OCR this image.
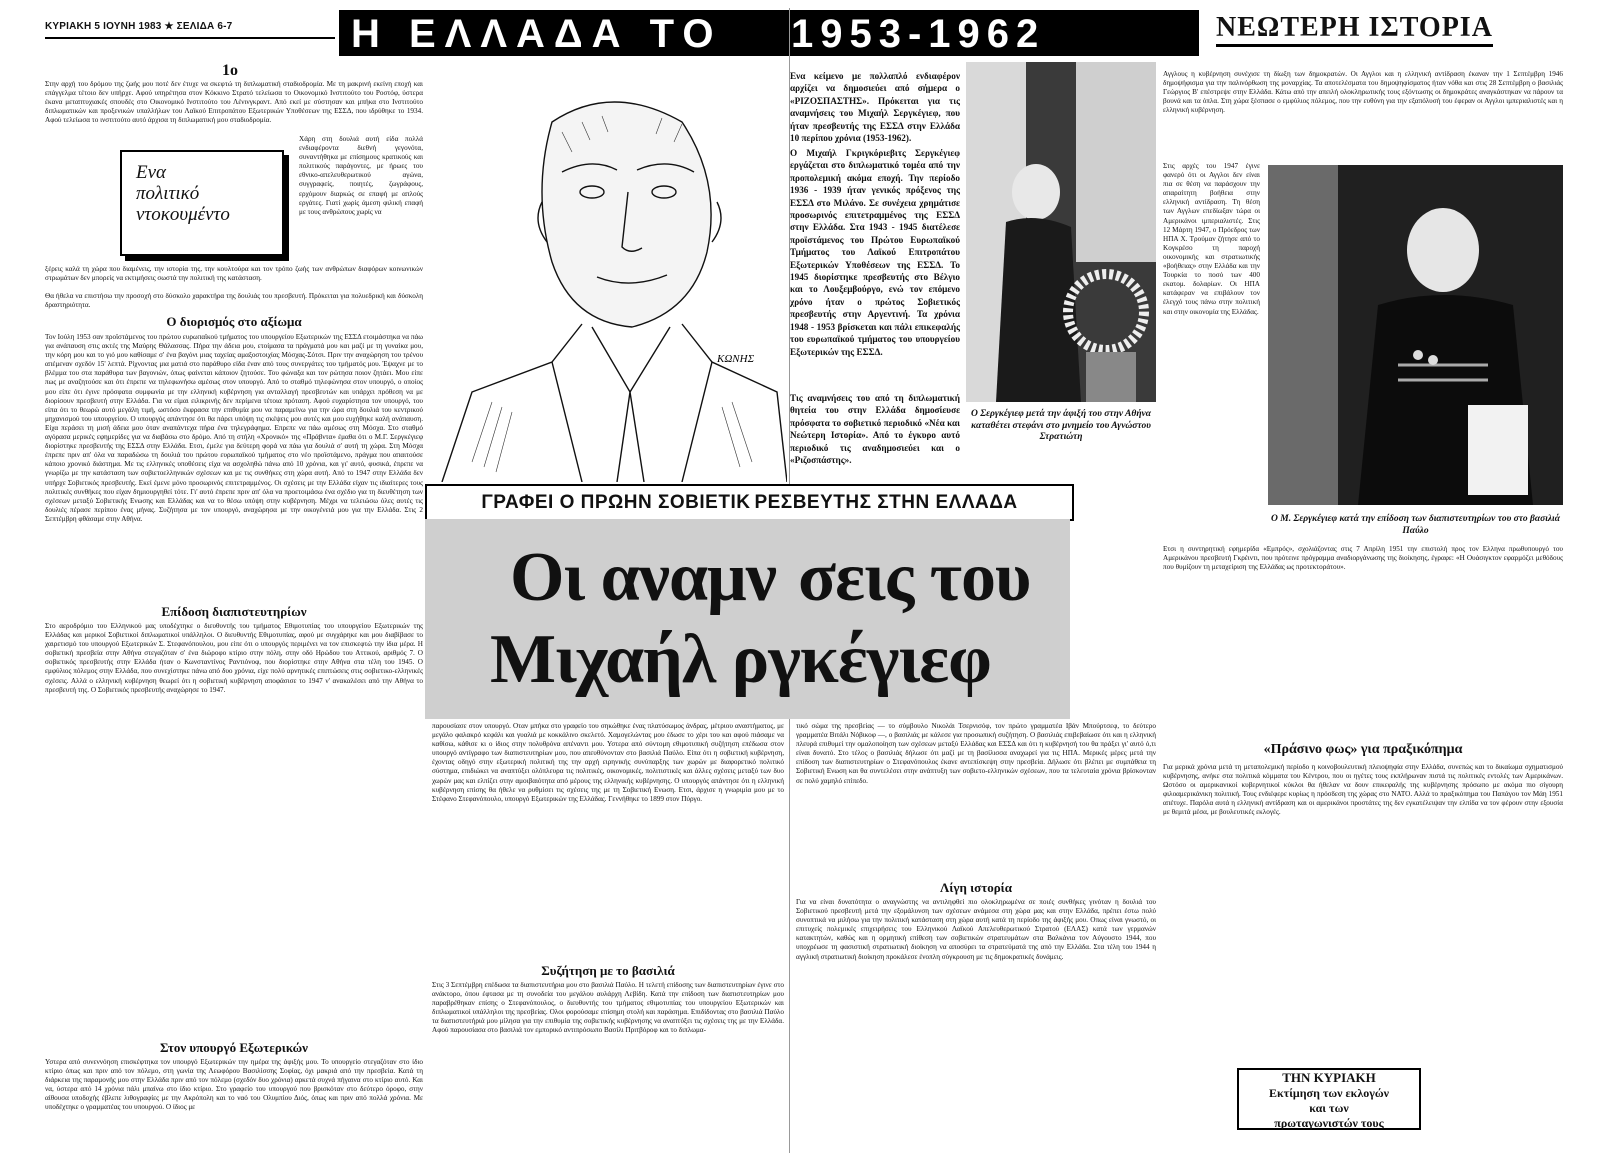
ΚΥΡΙΑΚΗ 5 ΙΟΥΝΗ 1983 ★ ΣΕΛΙΔΑ 6-7	Η ΕΛΛΑΔΑ ΤΟ 1953-1962	ΝΕΩΤΕΡΗ ΙΣΤΟΡΙΑ
1ο
Στην αρχή του δρόμου της ζωής μου ποτέ δεν έτυχε να σκεφτώ τη διπλωματική σταδιοδρομία. Με τη μακρινή εκείνη εποχή και επάγγελμα τέτοιο δεν υπήρχε. Αφού υπηρέτησα στον Κόκκινο Στρατό τελείωσα το Οικονομικό Ινστιτούτο του Ροστόφ, ύστερα έκανα μεταπτυχιακές σπουδές στο Οικονομικό Ινστιτούτο του Λένινγκραντ. Από εκεί με σύστησαν και μπήκα στο Ινστιτούτο διπλωματικών και προξενικών υπαλλήλων του Λαϊκού Επιτροπάτου Εξωτερικών Υποθέσεων της ΕΣΣΔ, που ιδρύθηκε το 1934. Αφού τελείωσα το ινστιτούτο αυτό άρχισα τη διπλωματική μου σταδιοδρομία.
Ενα
πολιτικό
ντοκουμέντο
Χάρη στη δουλιά αυτή είδα πολλά ενδιαφέροντα διεθνή γεγονότα, συναντήθηκα με επίσημους κρατικούς και πολιτικούς παράγοντες, με ήρωες του εθνικο-απελευθερωτικού αγώνα, συγγραφείς, ποιητές, ζωγράφους, ερχόμουν διαρκώς σε επαφή με απλούς εργάτες. Γιατί χωρίς άμεση φιλική επαφή με τους ανθρώπους χωρίς να
ξέρεις καλά τη χώρα που διαμένεις, την ιστορία της, την κουλτούρα και τον τρόπο ζωής των ανθρώπων διαφόρων κοινωνικών στρωμάτων δεν μπορείς να εκτιμήσεις σωστά την πολιτική της κατάσταση.
Θα ήθελα να επιστήσω την προσοχή στο δύσκολο χαρακτήρα της δουλιάς του πρεσβευτή. Πρόκειται για πολυεδρική και δύσκολη δραστηριότητα.
Ο διορισμός στο αξίωμα
Τον Ιούλη 1953 σαν προϊστάμενος του πρώτου ευρωπαϊκού τμήματος του υπουργείου Εξωτερικών της ΕΣΣΔ ετοιμάστηκα να πάω για ανάπαυση στις ακτές της Μαύρης Θάλασσας. Πήρα την άδεια μου, ετοίμασα τα πράγματά μου και μαζί με τη γυναίκα μου, την κόρη μου και το γιό μου καθίσαμε σ' ένα βαγόνι μιας ταχείας αμαξοστοιχίας Μόσχας-Σότσι. Πριν την αναχώρηση του τρένου απέμεναν σχεδόν 15' λεπτά. Ρίχνοντας μια ματιά στο παράθυρο είδα έναν από τους συνεργάτες του τμήματός μου. Έψαχνε με το βλέμμα του στα παράθυρα των βαγονιών, όπως φαίνεται κάποιον ζητούσε. Του φώναξα και τον ρώτησα ποιον ζητάει. Μου είπε πως με αναζητούσε και ότι έπρεπε να τηλεφωνήσω αμέσως στον υπουργό. Από το σταθμό τηλεφώνησα στον υπουργό, ο οποίος μου είπε ότι έγινε πρόσφατα συμφωνία με την ελληνική κυβέρνηση για ανταλλαγή πρεσβευτών και υπάρχει πρόθεση να με διορίσουν πρεσβευτή στην Ελλάδα. Για να είμαι ειλικρινής δεν περίμενα τέτοια πρόταση. Αφού ευχαρίστησα τον υπουργό, του είπα ότι το θεωρώ αυτό μεγάλη τιμή, ωστόσο έκφρασα την επιθυμία μου να παραμείνω για την ώρα στη δουλιά του κεντρικού μηχανισμού του υπουργείου. Ο υπουργός απάντησε ότι θα πάρει υπόψη τις σκέψεις μου αυτές και μου ευχήθηκε καλή ανάπαυση. Είχα περάσει τη μισή άδεια μου όταν αναπάντεχα πήρα ένα τηλεγράφημα. Επρεπε να πάω αμέσως στη Μόσχα. Στο σταθμό αγόρασα μερικές εφημερίδες για να διαβάσω στο δρόμο. Από τη στήλη «Χρονικό» της «Πράβντα» έμαθα ότι ο Μ.Γ. Σεργκέγιεφ διορίστηκε πρεσβευτής της ΕΣΣΔ στην Ελλάδα. Ετσι, έμελε για δεύτερη φορά να πάω για δουλιά σ' αυτή τη χώρα. Στη Μόσχα έπρεπε πριν απ' όλα να παραδώσω τη δουλιά του πρώτου ευρωπαϊκού τμήματος στο νέο προϊστάμενο, πράγμα που απαιτούσε κάποιο χρονικό διάστημα. Με τις ελληνικές υποθέσεις είχα να ασχοληθώ πάνω από 10 χρόνια, και γι' αυτό, φυσικά, έπρεπε να γνωρίζω με την κατάσταση των σοβιετοελληνικών σχέσεων και με τις συνθήκες στη χώρα αυτή. Από το 1947 στην Ελλάδα δεν υπήρχε Σοβιετικός πρεσβευτής. Εκεί έμενε μόνο προσωρινός επιτετραμμένος. Οι σχέσεις με την Ελλάδα είχαν τις ιδιαίτερες τους πολιτικές συνθήκες που είχαν δημιουργηθεί τότε. Γι' αυτό έπρεπε πριν απ' όλα να προετοιμάσω ένα σχέδιο για τη διευθέτηση των σχέσεων μεταξύ Σοβιετικής Ενωσης και Ελλάδας και να το θέσω υπόψη στην κυβέρνηση. Μέχρι να τελειώσω όλες αυτές τις δουλιές πέρασε περίπου ένας μήνας. Συζήτησα με τον υπουργό, αναχώρησα με την οικογένειά μου για την Ελλάδα. Στις 2 Σεπτέμβρη φθάσαμε στην Αθήνα.
Επίδοση διαπιστευτηρίων
Στο αεροδρόμιο του Ελληνικού μας υποδέχτηκε ο διευθυντής του τμήματος Εθιμοτυπίας του υπουργείου Εξωτερικών της Ελλάδας και μερικοί Σοβιετικοί διπλωματικοί υπάλληλοι. Ο διευθυντής Εθιμοτυπίας, αφού με συγχάρηκε και μου διαβίβασε το χαιρετισμό του υπουργού Εξωτερικών Σ. Στεφανόπουλου, μου είπε ότι ο υπουργός περιμένει να τον επισκεφτώ την ίδια μέρα. Η σοβιετική πρεσβεία στην Αθήνα στεγαζόταν σ' ένα διώροφο κτίριο στην πόλη, στην οδό Ηρώδου του Αττικού, αριθμός 7. Ο σοβιετικός πρεσβευτής στην Ελλάδα ήταν ο Κωνσταντίνος Ραντιόνοφ, που διορίστηκε στην Αθήνα στα τέλη του 1945. Ο εμφύλιος πόλεμος στην Ελλάδα, που συνεχίστηκε πάνω από δυο χρόνια, είχε πολύ αρνητικές επιπτώσεις στις σοβιετικο-ελληνικές σχέσεις. Αλλά ο ελληνική κυβέρνηση θεωρεί ότι η σοβιετική κυβέρνηση αποφάσισε το 1947 ν' ανακαλέσει από την Αθήνα το πρεσβευτή της. Ο Σοβιετικός πρεσβευτής αναχώρησε το 1947.
Στον υπουργό Εξωτερικών
Υστερα από συνεννόηση επισκέφτηκα τον υπουργό Εξωτερικών την ημέρα της άφιξής μου. Το υπουργείο στεγαζόταν στο ίδιο κτίριο όπως και πριν από τον πόλεμο, στη γωνία της Λεωφόρου Βασιλίσσης Σοφίας, όχι μακριά από την πρεσβεία. Κατά τη διάρκεια της παραμονής μου στην Ελλάδα πριν από τον πόλεμο (σχεδόν δυο χρόνια) αρκετά συχνά πήγαινα στο κτίριο αυτό. Και να, ύστερα από 14 χρόνια πάλι μπαίνω στο ίδιο κτίριο. Στο γραφείο του υπουργού που βρισκόταν στο δεύτερο όροφο, στην αίθουσα υποδοχής έβλεπε λιθογραφίες με την Ακρόπολη και το ναό του Ολυμπίου Διός, όπως και πριν από πολλά χρόνια. Με υποδέχτηκε ο γραμματέας του υπουργού. Ο ίδιος με
ΚΩΝΗΣ
ΓΡΑΦΕΙ Ο ΠΡΩΗΝ ΣΟΒΙΕΤΙΚ ΡΕΣΒΕΥΤΗΣ ΣΤΗΝ ΕΛΛΑΔΑ
Οι αναμν σεις του
Μιχαήλ ργκέγιεφ
παρουσίασε στον υπουργό. Οταν μπήκα στο γραφείο του σηκώθηκε ένας πλατύσωμος άνδρας, μέτριου αναστήματος, με μεγάλο φαλακρό κεφάλι και γυαλιά με κοκκάλινο σκελετό. Χαμογελώντας μου έδωσε το χέρι του και αφού πιάσαμε να καθίσω, κάθισε κι ο ίδιος στην πολυθρόνα απέναντι μου. Υστερα από σύντομη εθιμοτυπική συζήτηση επέδωσα στον υπουργό αντίγραφο των διαπιστευτηρίων μου, που απευθύνονταν στο βασιλιά Παύλο. Είπα ότι η σοβιετική κυβέρνηση, έχοντας οδηγό στην εξωτερική πολιτική της την αρχή ειρηνικής συνύπαρξης των χωρών με διαφορετικό πολιτικό σύστημα, επιδιώκει να αναπτύξει ολόπλευρα τις πολιτικές, οικονομικές, πολιτιστικές και άλλες σχέσεις μεταξύ των δυο χωρών μας και ελπίζει στην αμοιβαιότητα από μέρους της ελληνικής κυβέρνησης. Ο υπουργός απάντησε ότι η ελληνική κυβέρνηση επίσης θα ήθελε να ρυθμίσει τις σχέσεις της με τη Σοβιετική Ενωση. Ετσι, άρχισε η γνωριμία μου με το Στέφανο Στεφανόπουλο, υπουργό Εξωτερικών της Ελλάδας. Γεννήθηκε το 1899 στον Πύργο.
Συζήτηση με το βασιλιά
Στις 3 Σεπτέμβρη επέδωσα τα διαπιστευτήρια μου στο βασιλιά Παύλο. Η τελετή επίδοσης των διαπιστευτηρίων έγινε στο ανάκτορο, όπου έφτασα με τη συνοδεία του μεγάλου αυλάρχη Λεβίδη. Κατά την επίδοση των διαπιστευτηρίων μου παραβρέθηκαν επίσης ο Στεφανόπουλος, ο διευθυντής του τμήματος εθιμοτυπίας του υπουργείου Εξωτερικών και διπλωματικοί υπάλληλοι της πρεσβείας. Ολοι φορούσαμε επίσημη στολή και παράσημα. Επιδίδοντας στο βασιλιά Παύλο τα διαπιστευτήριά μου μίλησα για την επιθυμία της σοβιετικής κυβέρνησης να αναπτύξει τις σχέσεις της με την Ελλάδα. Αφού παρουσίασα στο βασιλιά τον εμπορικό αντιπρόσωπο Βασίλι Πριτβόροφ και το διπλωμα-
Ενα κείμενο με πολλαπλό ενδιαφέρον αρχίζει να δημοσιεύει από σήμερα ο «ΡΙΖΟΣΠΑΣΤΗΣ». Πρόκειται για τις αναμνήσεις του Μιχαήλ Σεργκέγιεφ, που ήταν πρεσβευτής της ΕΣΣΔ στην Ελλάδα 10 περίπου χρόνια (1953-1962).
Ο Μιχαήλ Γκριγκόριεβιτς Σεργκέγιεφ εργάζεται στο διπλωματικό τομέα από την προπολεμική ακόμα εποχή. Την περίοδο 1936 - 1939 ήταν γενικός πρόξενος της ΕΣΣΔ στο Μιλάνο. Σε συνέχεια χρημάτισε προσωρινός επιτετραμμένος της ΕΣΣΔ στην Ελλάδα. Στα 1943 - 1945 διατέλεσε προϊστάμενος του Πρώτου Ευρωπαϊκού Τμήματος του Λαϊκού Επιτροπάτου Εξωτερικών Υποθέσεων της ΕΣΣΔ. Το 1945 διορίστηκε πρεσβευτής στο Βέλγιο και το Λουξεμβούργο, ενώ τον επόμενο χρόνο ήταν ο πρώτος Σοβιετικός πρεσβευτής στην Αργεντινή. Τα χρόνια 1948 - 1953 βρίσκεται και πάλι επικεφαλής του ευρωπαϊκού τμήματος του υπουργείου Εξωτερικών της ΕΣΣΔ.
Τις αναμνήσεις του από τη διπλωματική θητεία του στην Ελλάδα δημοσίευσε πρόσφατα το σοβιετικό περιοδικό «Νέα και Νεώτερη Ιστορία». Από το έγκυρο αυτό περιοδικό τις αναδημοσιεύει και ο «Ριζοσπάστης».
Ο Σεργκέγιεφ μετά την άφιξή του στην Αθήνα καταθέτει στεφάνι στο μνημείο του Αγνώστου Στρατιώτη
Αγγλους η κυβέρνηση συνέχισε τη δίωξη των δημοκρατών. Οι Αγγλοι και η ελληνική αντίδραση έκαναν την 1 Σεπτέμβρη 1946 δημοψήφισμα για την παλινόρθωση της μοναρχίας. Τα αποτελέσματα του δημοψηφίσματος ήταν νόθα και στις 28 Σεπτέμβρη ο βασιλιάς Γεώργιος Β' επέστρεψε στην Ελλάδα. Κάτω από την απειλή ολοκληρωτικής τους εξόντωσης οι δημοκράτες αναγκάστηκαν να πάρουν τα βουνά και τα όπλα. Στη χώρα ξέσπασε ο εμφύλιος πόλεμος, που την ευθύνη για την εξαπόλυσή του έφεραν οι Αγγλοι ιμπεριαλιστές και η ελληνική κυβέρνηση.
Στις αρχές του 1947 έγινε φανερό ότι οι Αγγλοι δεν είναι πια σε θέση να παράσχουν την απαραίτητη βοήθεια στην ελληνική αντίδραση. Τη θέση των Αγγλων επεδίωξαν τώρα οι Αμερικάνοι ιμπεριαλιστές. Στις 12 Μάρτη 1947, ο Πρόεδρος των ΗΠΑ Χ. Τρούμαν ζήτησε από το Κογκρέσο τη παροχή οικονομικής και στρατιωτικής «βοήθειας» στην Ελλάδα και την Τουρκία το ποσό των 400 εκατομ. δολαρίων. Οι ΗΠΑ κατάφεραν να επιβάλουν τον έλεγχό τους πάνω στην πολιτική και στην οικονομία της Ελλάδας.
Ο Μ. Σεργκέγιεφ κατά την επίδοση των διαπιστευτηρίων του στο βασιλιά Παύλο
Ετσι η συντηρητική εφημερίδα «Εμπρός», σχολιάζοντας στις 7 Απρίλη 1951 την επιστολή προς τον Ελληνα πρωθυπουργό του Αμερικάνου πρεσβευτή Γκρέιντι, που πρότεινε πρόγραμμα αναδιοργάνωσης της διοίκησης, έγραφε: «Η Ουάσιγκτον εφαρμόζει μεθόδους που θυμίζουν τη μεταχείριση της Ελλάδας ως προτεκτοράτου».
τικό σώμα της πρεσβείας — το σύμβουλο Νικολάι Τσερνισόφ, τον πρώτο γραμματέα Ιβάν Μπούρτσεφ, το δεύτερο γραμματέα Βιτάλι Νόβικοφ —, ο βασιλιάς με κάλεσε για προσωπική συζήτηση. Ο βασιλιάς επιβεβαίωσε ότι και η ελληνική πλευρά επιθυμεί την ομαλοποίηση των σχέσεων μεταξύ Ελλάδας και ΕΣΣΔ και ότι η κυβέρνησή του θα πράξει γι' αυτό ό,τι είναι δυνατό. Στο τέλος ο βασιλιάς δήλωσε ότι μαζί με τη βασίλισσα αναχωρεί για τις ΗΠΑ. Μερικές μέρες μετά την επίδοση των διαπιστευτηρίων ο Στεφανόπουλος έκανε αντεπίσκεψη στην πρεσβεία. Δήλωσε ότι βλέπει με συμπάθεια τη Σοβιετική Ενωση και θα συντελέσει στην ανάπτυξη των σοβιετο-ελληνικών σχέσεων, που τα τελευταία χρόνια βρίσκονταν σε πολύ χαμηλό επίπεδο.
Λίγη ιστορία
Για να είναι δυνατότητα ο αναγνώστης να αντιληφθεί πιο ολοκληρωμένα σε ποιές συνθήκες γινόταν η δουλιά του Σοβιετικού πρεσβευτή μετά την εξομάλυνση των σχέσεων ανάμεσα στη χώρα μας και στην Ελλάδα, πρέπει έστω πολύ συνοπτικά να μιλήσω για την πολιτική κατάσταση στη χώρα αυτή κατά τη περίοδο της άφιξής μου. Οπως είναι γνωστό, οι επιτυχείς πολεμικές επιχειρήσεις του Ελληνικού Λαϊκού Απελευθερωτικού Στρατού (ΕΛΑΣ) κατά των γερμανών κατακτητών, καθώς και η ορμητική επίθεση των σοβιετικών στρατευμάτων στα Βαλκάνια τον Αύγουστο 1944, που υποχρέωσε τη φασιστική στρατιωτική διοίκηση να αποσύρει τα στρατεύματά της από την Ελλάδα. Στα τέλη του 1944 η αγγλική στρατιωτική διοίκηση προκάλεσε ένοπλη σύγκρουση με τις δημοκρατικές δυνάμεις.
«Πράσινο φως» για πραξικόπημα
Για μερικά χρόνια μετά τη μεταπολεμική περίοδο η κοινοβουλευτική πλειοψηφία στην Ελλάδα, συνεπώς και το δικαίωμα σχηματισμού κυβέρνησης, ανήκε στα πολιτικά κόμματα του Κέντρου, που οι ηγέτες τους εκπλήρωναν πιστά τις πολιτικές εντολές των Αμερικάνων. Ωστόσο οι αμερικανικοί κυβερνητικοί κύκλοι θα ήθελαν να δουν επικεφαλής της κυβέρνησης πρόσωπο με ακόμα πιο σίγουρη φιλοαμερικάνικη πολιτική. Τους ενδιέφερε κυρίως η πρόσδεση της χώρας στο ΝΑΤΟ. Αλλά το πραξικόπημα του Παπάγου τον Μάη 1951 απέτυχε. Παρόλα αυτά η ελληνική αντίδραση και οι αμερικάνοι προστάτες της δεν εγκατέλειψαν την ελπίδα να τον φέρουν στην εξουσία με θεμιτά μέσα, με βουλευτικές εκλογές.
ΤΗΝ ΚΥΡΙΑΚΗ
Εκτίμηση των εκλογών
και των
πρωταγωνιστών τους
